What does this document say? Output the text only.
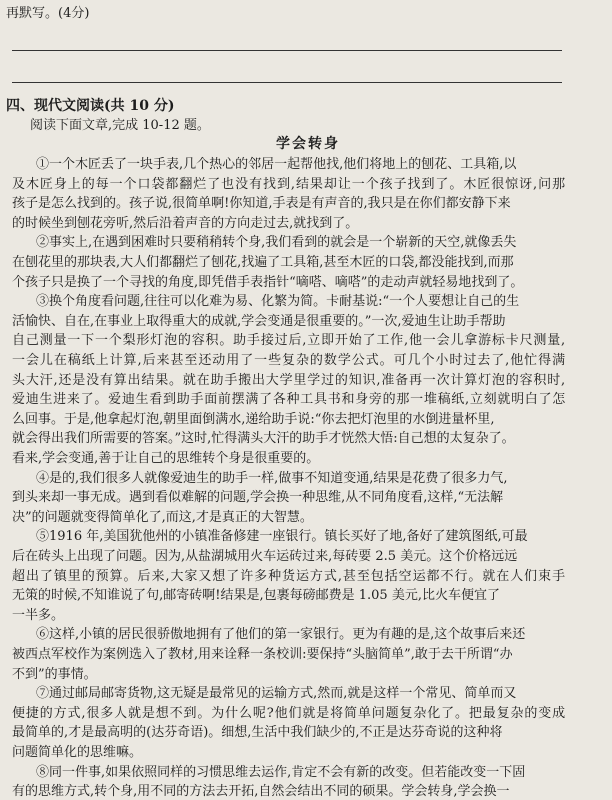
再默写。(4分)
四、现代文阅读(共 10 分)
阅读下面文章,完成 10-12 题。
学会转身
①一个木匠丢了一块手表,几个热心的邻居一起帮他找,他们将地上的刨花、工具箱,以
及木匠身上的每一个口袋都翻烂了也没有找到,结果却让一个孩子找到了。木匠很惊讶,问那
孩子是怎么找到的。孩子说,很简单啊!你知道,手表是有声音的,我只是在你们都安静下来
的时候坐到刨花旁听,然后沿着声音的方向走过去,就找到了。
②事实上,在遇到困难时只要稍稍转个身,我们看到的就会是一个崭新的天空,就像丢失
在刨花里的那块表,大人们都翻烂了刨花,找遍了工具箱,甚至木匠的口袋,都没能找到,而那
个孩子只是换了一个寻找的角度,即凭借手表指针“嘀嗒、嘀嗒”的走动声就轻易地找到了。
③换个角度看问题,往往可以化难为易、化繁为简。卡耐基说:“一个人要想让自己的生
活愉快、自在,在事业上取得重大的成就,学会变通是很重要的。”一次,爱迪生让助手帮助
自己测量一下一个梨形灯泡的容积。助手接过后,立即开始了工作,他一会儿拿游标卡尺测量,
一会儿在稿纸上计算,后来甚至还动用了一些复杂的数学公式。可几个小时过去了,他忙得满
头大汗,还是没有算出结果。就在助手搬出大学里学过的知识,准备再一次计算灯泡的容积时,
爱迪生进来了。爱迪生看到助手面前摆满了各种工具书和身旁的那一堆稿纸,立刻就明白了怎
么回事。于是,他拿起灯泡,朝里面倒满水,递给助手说:“你去把灯泡里的水倒进量杯里,
就会得出我们所需要的答案。”这时,忙得满头大汗的助手才恍然大悟:自己想的太复杂了。
看来,学会变通,善于让自己的思维转个身是很重要的。
④是的,我们很多人就像爱迪生的助手一样,做事不知道变通,结果是花费了很多力气,
到头来却一事无成。遇到看似难解的问题,学会换一种思维,从不同角度看,这样,“无法解
决”的问题就变得简单化了,而这,才是真正的大智慧。
⑤1916 年,美国犹他州的小镇准备修建一座银行。镇长买好了地,备好了建筑图纸,可最
后在砖头上出现了问题。因为,从盐湖城用火车运砖过来,每砖要 2.5 美元。这个价格远远
超出了镇里的预算。后来,大家又想了许多种货运方式,甚至包括空运都不行。就在人们束手
无策的时候,不知谁说了句,邮寄砖啊!结果是,包裹每磅邮费是 1.05 美元,比火车便宜了
一半多。
⑥这样,小镇的居民很骄傲地拥有了他们的第一家银行。更为有趣的是,这个故事后来还
被西点军校作为案例选入了教材,用来诠释一条校训:要保持“头脑简单”,敢于去干所谓“办
不到”的事情。
⑦通过邮局邮寄货物,这无疑是最常见的运输方式,然而,就是这样一个常见、简单而又
便捷的方式,很多人就是想不到。为什么呢?他们就是将简单问题复杂化了。把最复杂的变成
最简单的,才是最高明的(达芬奇语)。细想,生活中我们缺少的,不正是达芬奇说的这种将
问题简单化的思维嘛。
⑧同一件事,如果依照同样的习惯思维去运作,肯定不会有新的改变。但若能改变一下固
有的思维方式,转个身,用不同的方法去开拓,自然会结出不同的硕果。学会转身,学会换一
